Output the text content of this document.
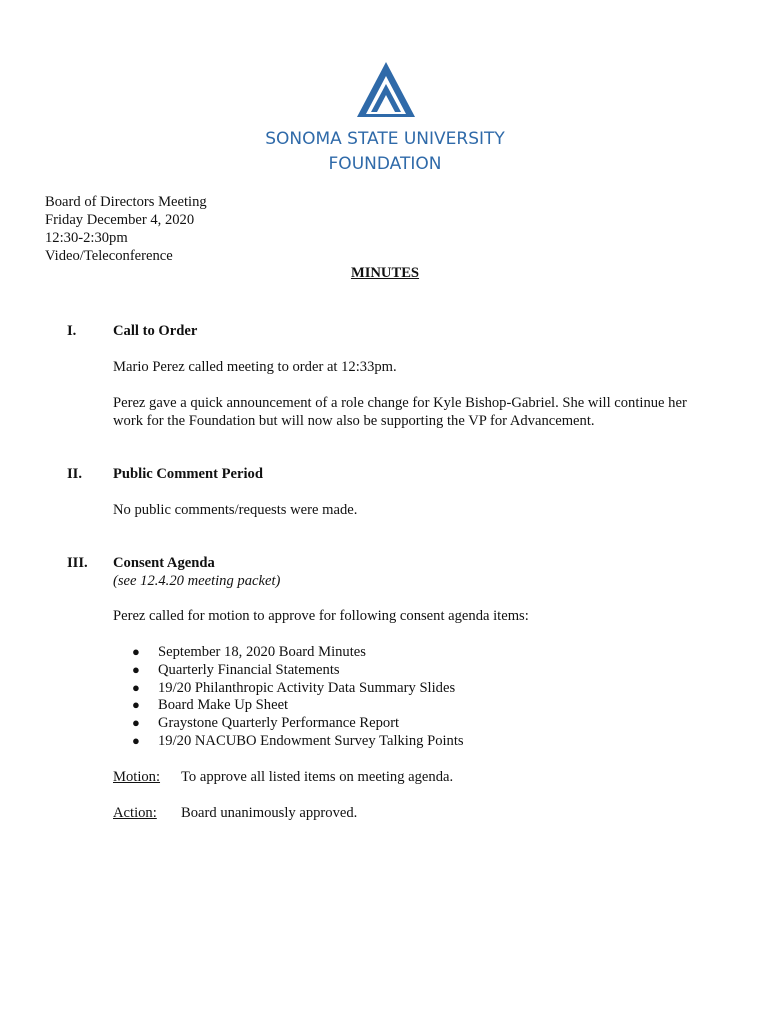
SONOMA STATE UNIVERSITY
FOUNDATION
Board of Directors Meeting
Friday December 4, 2020
12:30-2:30pm
Video/Teleconference
MINUTES
I.	Call to Order
Mario Perez called meeting to order at 12:33pm.
Perez gave a quick announcement of a role change for Kyle Bishop-Gabriel. She will continue her
work for the Foundation but will now also be supporting the VP for Advancement.
II. Public Comment Period
No public comments/requests were made.
III. Consent Agenda
(see 12.4.20 meeting packet)
Perez called for motion to approve for following consent agenda items:
●	September 18, 2020 Board Minutes
●	Quarterly Financial Statements
●	19/20 Philanthropic Activity Data Summary Slides
●	Board Make Up Sheet
●	Graystone Quarterly Performance Report
●	19/20 NACUBO Endowment Survey Talking Points
Motion: To approve all listed items on meeting agenda.
Action: Board unanimously approved.
